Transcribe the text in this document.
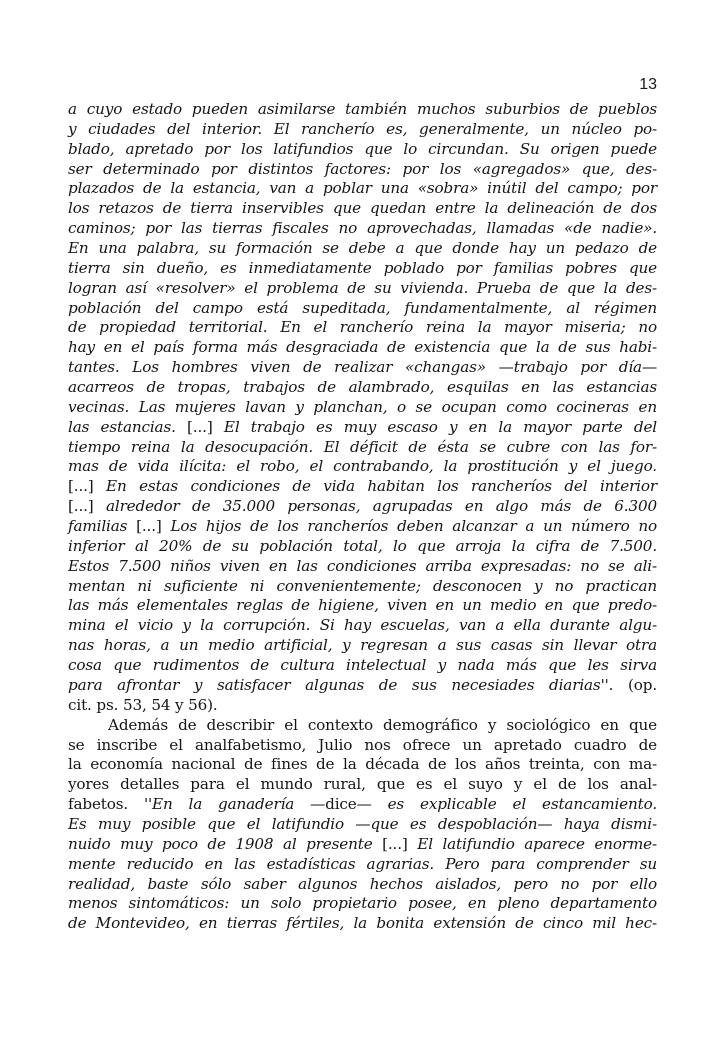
13
a cuyo estado pueden asimilarse también muchos suburbios de pueblos
y ciudades del interior. El rancherío es, generalmente, un núcleo po-
blado, apretado por los latifundios que lo circundan. Su origen puede
ser determinado por distintos factores: por los «agregados» que, des-
plazados de la estancia, van a poblar una «sobra» inútil del campo; por
los retazos de tierra inservibles que quedan entre la delineación de dos
caminos; por las tierras fiscales no aprovechadas, llamadas «de nadie».
En una palabra, su formación se debe a que donde hay un pedazo de
tierra sin dueño, es inmediatamente poblado por familias pobres que
logran así «resolver» el problema de su vivienda. Prueba de que la des-
población del campo está supeditada, fundamentalmente, al régimen
de propiedad territorial. En el rancherío reina la mayor miseria; no
hay en el país forma más desgraciada de existencia que la de sus habi-
tantes. Los hombres viven de realizar «changas» —trabajo por día—
acarreos de tropas, trabajos de alambrado, esquilas en las estancias
vecinas. Las mujeres lavan y planchan, o se ocupan como cocineras en
las estancias. [...] El trabajo es muy escaso y en la mayor parte del
tiempo reina la desocupación. El déficit de ésta se cubre con las for-
mas de vida ilícita: el robo, el contrabando, la prostitución y el juego.
[...] En estas condiciones de vida habitan los rancheríos del interior
[...] alrededor de 35.000 personas, agrupadas en algo más de 6.300
familias [...] Los hijos de los rancheríos deben alcanzar a un número no
inferior al 20% de su población total, lo que arroja la cifra de 7.500.
Estos 7.500 niños viven en las condiciones arriba expresadas: no se ali-
mentan ni suficiente ni convenientemente; desconocen y no practican
las más elementales reglas de higiene, viven en un medio en que predo-
mina el vicio y la corrupción. Si hay escuelas, van a ella durante algu-
nas horas, a un medio artificial, y regresan a sus casas sin llevar otra
cosa que rudimentos de cultura intelectual y nada más que les sirva
para afrontar y satisfacer algunas de sus necesiades diarias''. (op.
cit. ps. 53, 54 y 56).
Además de describir el contexto demográfico y sociológico en que
se inscribe el analfabetismo, Julio nos ofrece un apretado cuadro de
la economía nacional de fines de la década de los años treinta, con ma-
yores detalles para el mundo rural, que es el suyo y el de los anal-
fabetos. ''En la ganadería —dice— es explicable el estancamiento.
Es muy posible que el latifundio —que es despoblación— haya dismi-
nuido muy poco de 1908 al presente [...] El latifundio aparece enorme-
mente reducido en las estadísticas agrarias. Pero para comprender su
realidad, baste sólo saber algunos hechos aislados, pero no por ello
menos sintomáticos: un solo propietario posee, en pleno departamento
de Montevideo, en tierras fértiles, la bonita extensión de cinco mil hec-
